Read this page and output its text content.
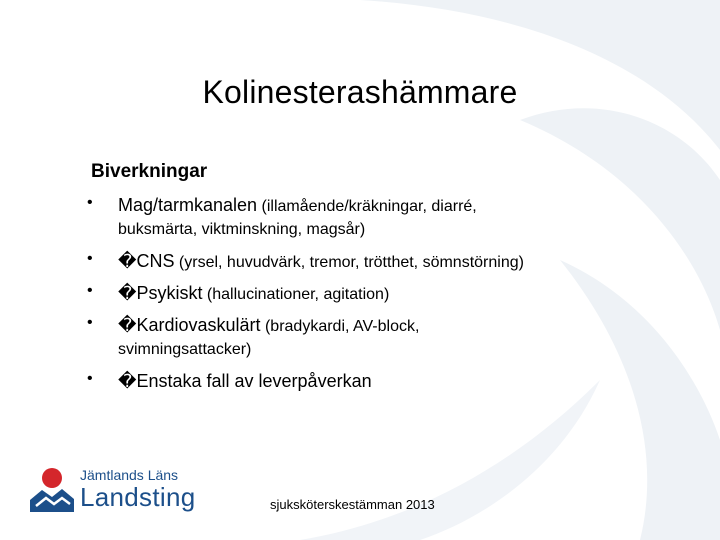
Kolinesterashämmare
Biverkningar
• Mag/tarmkanalen (illamående/kräkningar, diarré,
buksmärta, viktminskning, magsår)
• �CNS (yrsel, huvudvärk, tremor, trötthet, sömnstörning)
• �Psykiskt (hallucinationer, agitation)
• �Kardiovaskulärt (bradykardi, AV-block,
svimningsattacker)
• �Enstaka fall av leverpåverkan
Jämtlands Läns
Landsting	sjuksköterskestämman 2013
